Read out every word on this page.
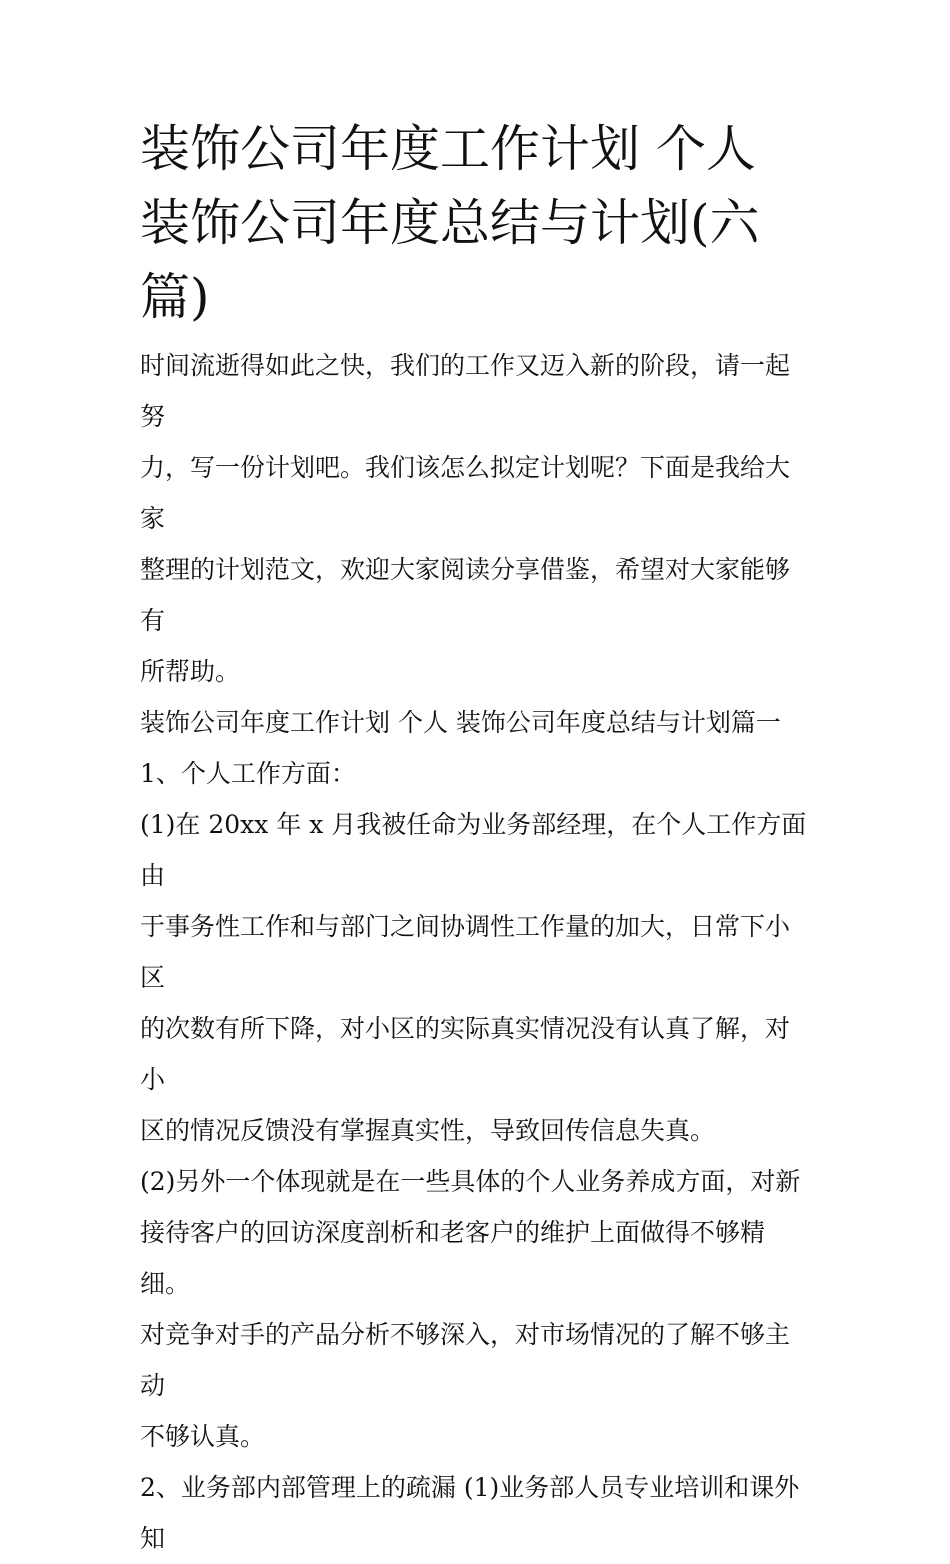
装饰公司年度工作计划 个人
装饰公司年度总结与计划(六
篇)
时间流逝得如此之快，我们的工作又迈入新的阶段，请一起努
力，写一份计划吧。我们该怎么拟定计划呢？下面是我给大家
整理的计划范文，欢迎大家阅读分享借鉴，希望对大家能够有
所帮助。
装饰公司年度工作计划 个人 装饰公司年度总结与计划篇一
1、个人工作方面：
(1)在 20xx 年 x 月我被任命为业务部经理，在个人工作方面由
于事务性工作和与部门之间协调性工作量的加大，日常下小区
的次数有所下降，对小区的实际真实情况没有认真了解，对小
区的情况反馈没有掌握真实性，导致回传信息失真。
(2)另外一个体现就是在一些具体的个人业务养成方面，对新
接待客户的回访深度剖析和老客户的维护上面做得不够精细。
对竞争对手的产品分析不够深入，对市场情况的了解不够主动
不够认真。
2、业务部内部管理上的疏漏 (1)业务部人员专业培训和课外知
